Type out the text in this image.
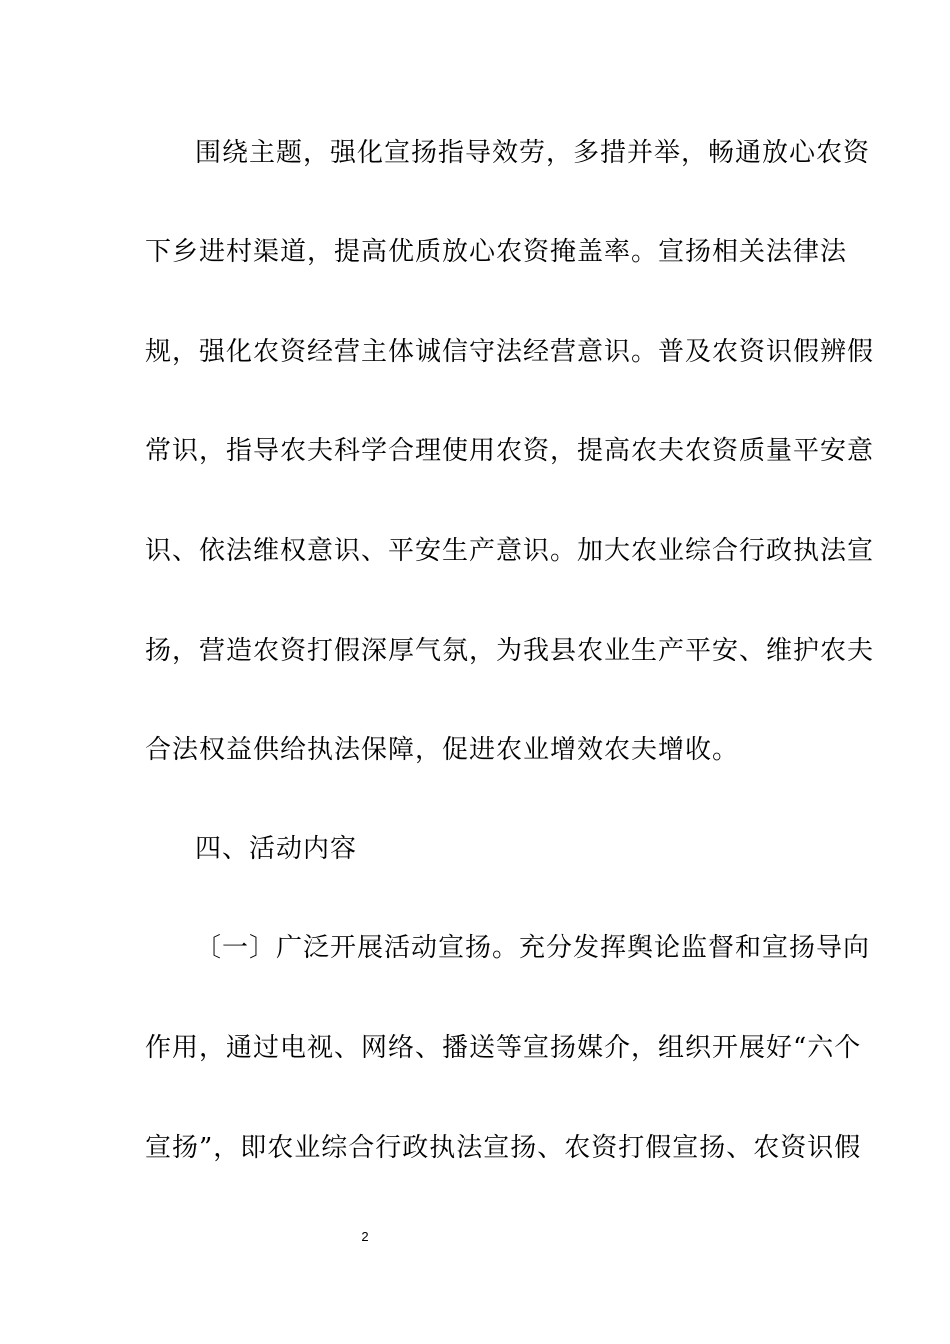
围绕主题，强化宣扬指导效劳，多措并举，畅通放心农资
下乡进村渠道，提高优质放心农资掩盖率。宣扬相关法律法
规，强化农资经营主体诚信守法经营意识。普及农资识假辨假
常识，指导农夫科学合理使用农资，提高农夫农资质量平安意
识、依法维权意识、平安生产意识。加大农业综合行政执法宣
扬，营造农资打假深厚气氛，为我县农业生产平安、维护农夫
合法权益供给执法保障，促进农业增效农夫增收。
四、活动内容
〔一〕广泛开展活动宣扬。充分发挥舆论监督和宣扬导向
作用，通过电视、网络、播送等宣扬媒介，组织开展好“六个
宣扬”，即农业综合行政执法宣扬、农资打假宣扬、农资识假
2
